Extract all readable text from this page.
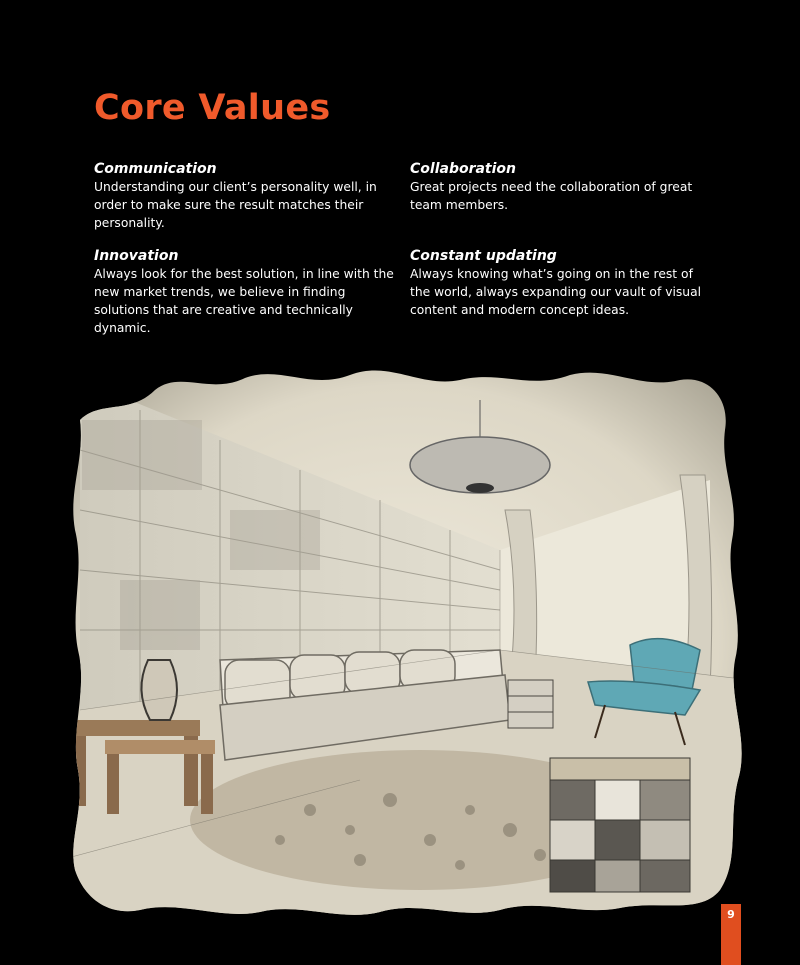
Core Values
Communication

Understanding our client’s personality well, in order to make sure the result matches their personality.

Collaboration

Great projects need the collaboration of great team members.

Innovation

Always look for the best solution, in line with the new market trends, we believe in finding solutions that are creative and technically dynamic.

Constant updating

Always knowing what’s going on in the rest of the world, always expanding our vault of visual content and modern concept ideas.

9
